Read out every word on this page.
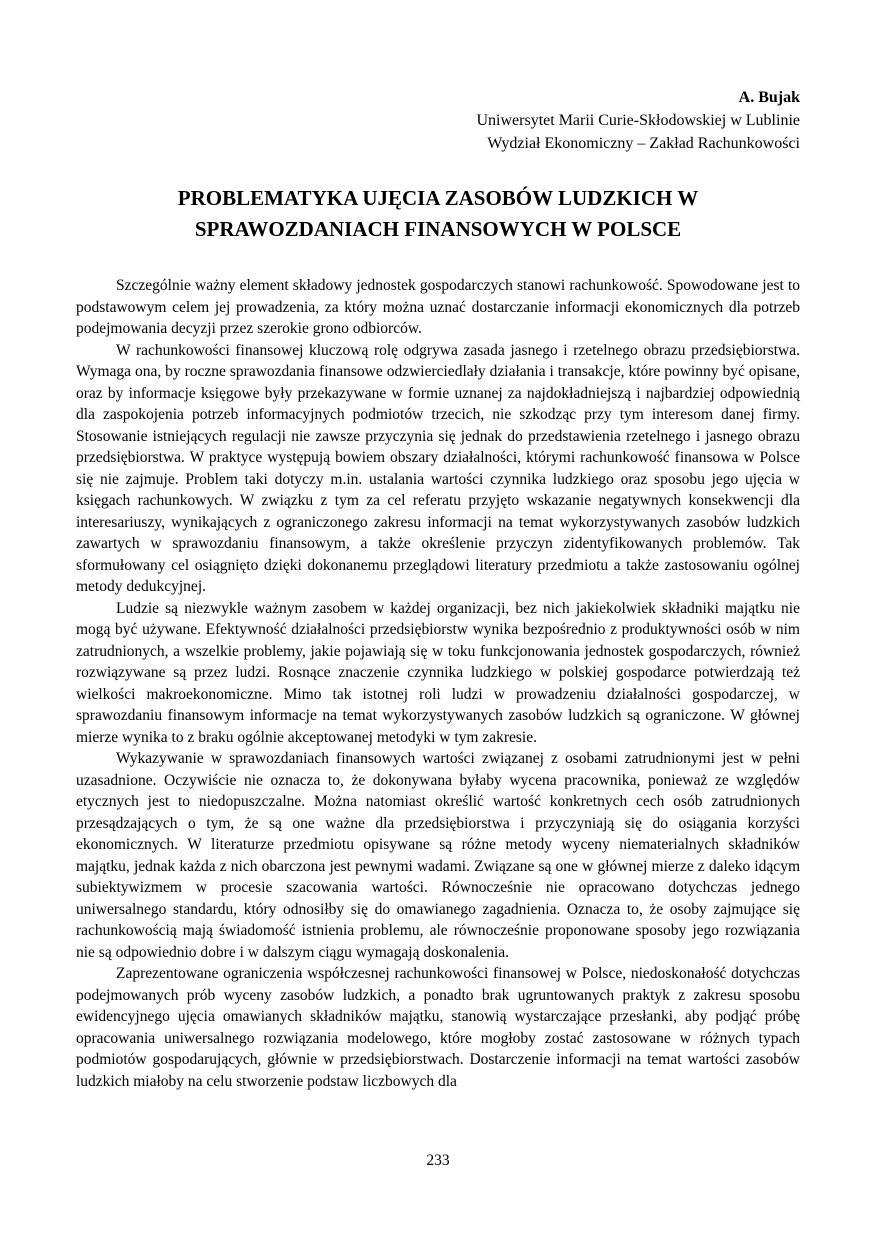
A. Bujak
Uniwersytet Marii Curie-Skłodowskiej w Lublinie
Wydział Ekonomiczny – Zakład Rachunkowości
PROBLEMATYKA UJĘCIA ZASOBÓW LUDZKICH W SPRAWOZDANIACH FINANSOWYCH W POLSCE

Szczególnie ważny element składowy jednostek gospodarczych stanowi rachunkowość. Spowodowane jest to podstawowym celem jej prowadzenia, za który można uznać dostarczanie informacji ekonomicznych dla potrzeb podejmowania decyzji przez szerokie grono odbiorców.

W rachunkowości finansowej kluczową rolę odgrywa zasada jasnego i rzetelnego obrazu przedsiębiorstwa. Wymaga ona, by roczne sprawozdania finansowe odzwierciedlały działania i transakcje, które powinny być opisane, oraz by informacje księgowe były przekazywane w formie uznanej za najdokładniejszą i najbardziej odpowiednią dla zaspokojenia potrzeb informacyjnych podmiotów trzecich, nie szkodząc przy tym interesom danej firmy. Stosowanie istniejących regulacji nie zawsze przyczynia się jednak do przedstawienia rzetelnego i jasnego obrazu przedsiębiorstwa. W praktyce występują bowiem obszary działalności, którymi rachunkowość finansowa w Polsce się nie zajmuje. Problem taki dotyczy m.in. ustalania wartości czynnika ludzkiego oraz sposobu jego ujęcia w księgach rachunkowych. W związku z tym za cel referatu przyjęto wskazanie negatywnych konsekwencji dla interesariuszy, wynikających z ograniczonego zakresu informacji na temat wykorzystywanych zasobów ludzkich zawartych w sprawozdaniu finansowym, a także określenie przyczyn zidentyfikowanych problemów. Tak sformułowany cel osiągnięto dzięki dokonanemu przeglądowi literatury przedmiotu a także zastosowaniu ogólnej metody dedukcyjnej.

Ludzie są niezwykle ważnym zasobem w każdej organizacji, bez nich jakiekolwiek składniki majątku nie mogą być używane. Efektywność działalności przedsiębiorstw wynika bezpośrednio z produktywności osób w nim zatrudnionych, a wszelkie problemy, jakie pojawiają się w toku funkcjonowania jednostek gospodarczych, również rozwiązywane są przez ludzi. Rosnące znaczenie czynnika ludzkiego w polskiej gospodarce potwierdzają też wielkości makroekonomiczne. Mimo tak istotnej roli ludzi w prowadzeniu działalności gospodarczej, w sprawozdaniu finansowym informacje na temat wykorzystywanych zasobów ludzkich są ograniczone. W głównej mierze wynika to z braku ogólnie akceptowanej metodyki w tym zakresie.

Wykazywanie w sprawozdaniach finansowych wartości związanej z osobami zatrudnionymi jest w pełni uzasadnione. Oczywiście nie oznacza to, że dokonywana byłaby wycena pracownika, ponieważ ze względów etycznych jest to niedopuszczalne. Można natomiast określić wartość konkretnych cech osób zatrudnionych przesądzających o tym, że są one ważne dla przedsiębiorstwa i przyczyniają się do osiągania korzyści ekonomicznych. W literaturze przedmiotu opisywane są różne metody wyceny niematerialnych składników majątku, jednak każda z nich obarczona jest pewnymi wadami. Związane są one w głównej mierze z daleko idącym subiektywizmem w procesie szacowania wartości. Równocześnie nie opracowano dotychczas jednego uniwersalnego standardu, który odnosiłby się do omawianego zagadnienia. Oznacza to, że osoby zajmujące się rachunkowością mają świadomość istnienia problemu, ale równocześnie proponowane sposoby jego rozwiązania nie są odpowiednio dobre i w dalszym ciągu wymagają doskonalenia.

Zaprezentowane ograniczenia współczesnej rachunkowości finansowej w Polsce, niedoskonałość dotychczas podejmowanych prób wyceny zasobów ludzkich, a ponadto brak ugruntowanych praktyk z zakresu sposobu ewidencyjnego ujęcia omawianych składników majątku, stanowią wystarczające przesłanki, aby podjąć próbę opracowania uniwersalnego rozwiązania modelowego, które mogłoby zostać zastosowane w różnych typach podmiotów gospodarujących, głównie w przedsiębiorstwach. Dostarczenie informacji na temat wartości zasobów ludzkich miałoby na celu stworzenie podstaw liczbowych dla

233
